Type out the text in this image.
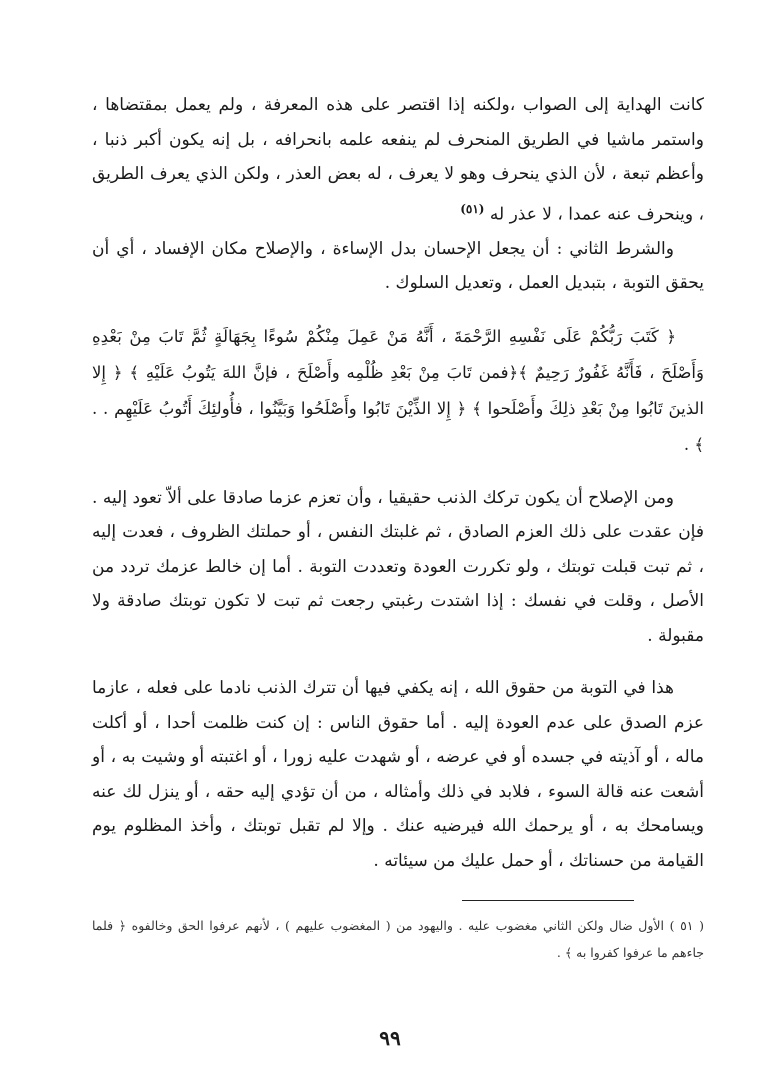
كانت الهداية إلى الصواب ،ولكنه إذا اقتصر على هذه المعرفة ، ولم يعمل بمقتضاها ، واستمر ماشيا في الطريق المنحرف لم ينفعه علمه بانحرافه ، بل إنه يكون أكبر ذنبا ، وأعظم تبعة ، لأن الذي ينحرف وهو لا يعرف ، له بعض العذر ، ولكن الذي يعرف الطريق ، وينحرف عنه عمدا ، لا عذر له $^{(٥١)}$

والشرط الثاني : أن يجعل الإحسان بدل الإساءة ، والإصلاح مكان الإفساد ، أي أن يحقق التوبة ، بتبديل العمل ، وتعديل السلوك .

﴿ كَتَبَ رَبُّكُمْ عَلَى نَفْسِهِ الرَّحْمَةَ ، أَنَّهُ مَنْ عَمِلَ مِنْكُمْ سُوءًا بِجَهَالَةٍ ثُمَّ تَابَ مِنْ بَعْدِهِ وَأَصْلَحَ ، فَأَنَّهُ غَفُورٌ رَحِيمٌ ﴾﴿فمن تَابَ مِنْ بَعْدِ ظُلْمِه وأَصْلَحَ ، فإنَّ اللهَ يَتُوبُ عَلَيْهِ ﴾ ﴿ إِلا الذينَ تَابُوا مِنْ بَعْدِ ذلِكَ وأَصْلَحوا ﴾ ﴿ إِلا الذِّيْنَ تَابُوا وأَصْلَحُوا وَبَيَّنُوا ، فأُولئِكَ أَتُوبُ عَلَيْهِم . . ﴾ .

ومن الإصلاح أن يكون تركك الذنب حقيقيا ، وأن تعزم عزما صادقا على ألاّ تعود إليه . فإن عقدت على ذلك العزم الصادق ، ثم غلبتك النفس ، أو حملتك الظروف ، فعدت إليه ، ثم تبت قبلت توبتك ، ولو تكررت العودة وتعددت التوبة . أما إن خالط عزمك تردد من الأصل ، وقلت في نفسك : إذا اشتدت رغبتي رجعت ثم تبت لا تكون توبتك صادقة ولا مقبولة .

هذا في التوبة من حقوق الله ، إنه يكفي فيها أن تترك الذنب نادما على فعله ، عازما عزم الصدق على عدم العودة إليه . أما حقوق الناس : إن كنت ظلمت أحدا ، أو أكلت ماله ، أو آذيته في جسده أو في عرضه ، أو شهدت عليه زورا ، أو اغتبته أو وشيت به ، أو أشعت عنه قالة السوء ، فلابد في ذلك وأمثاله ، من أن تؤدي إليه حقه ، أو ينزل لك عنه ويسامحك به ، أو يرحمك الله فيرضيه عنك . وإلا لم تقبل توبتك ، وأخذ المظلوم يوم القيامة من حسناتك ، أو حمل عليك من سيئاته .

( ٥١ ) الأول ضال ولكن الثاني مغضوب عليه . واليهود من ( المغضوب عليهم ) ، لأنهم عرفوا الحق وخالفوه ﴿ فلما جاءهم ما عرفوا كفروا به ﴾ .

٩٩
